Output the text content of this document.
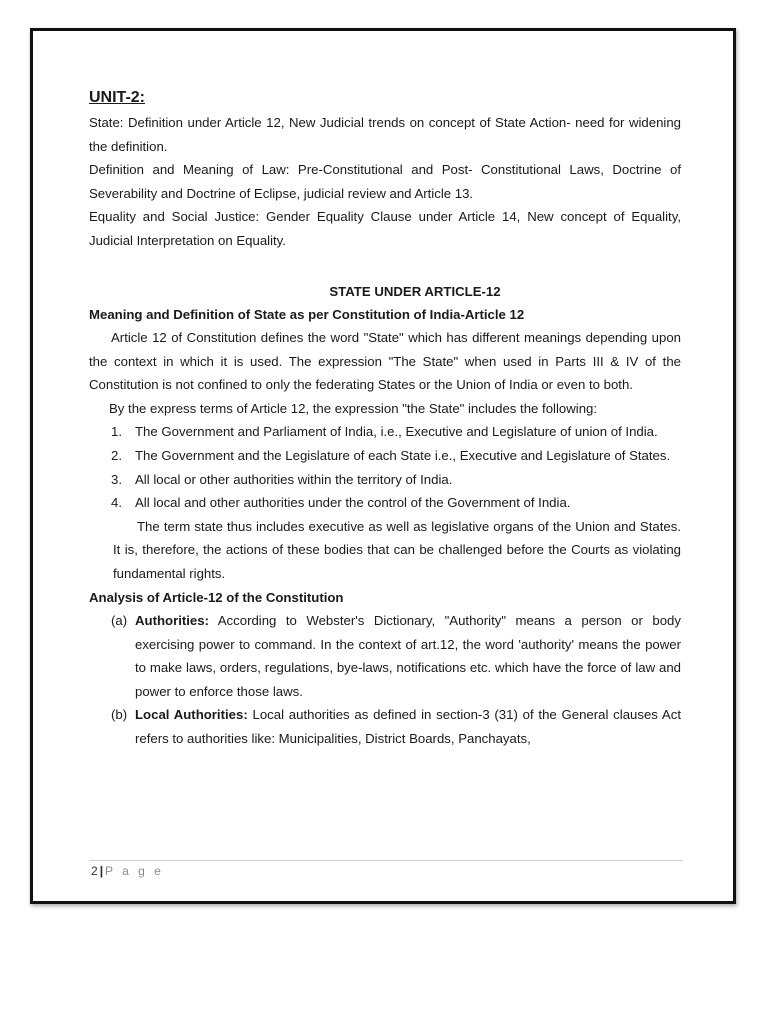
UNIT-2:

State: Definition under Article 12, New Judicial trends on concept of State Action- need for widening the definition.

Definition and Meaning of Law: Pre-Constitutional and Post- Constitutional Laws, Doctrine of Severability and Doctrine of Eclipse, judicial review and Article 13.

Equality and Social Justice: Gender Equality Clause under Article 14, New concept of Equality, Judicial Interpretation on Equality.

STATE UNDER ARTICLE-12

Meaning and Definition of State as per Constitution of India-Article 12

Article 12 of Constitution defines the word "State" which has different meanings depending upon the context in which it is used. The expression "The State" when used in Parts III & IV of the Constitution is not confined to only the federating States or the Union of India or even to both.

By the express terms of Article 12, the expression "the State" includes the following:

1. The Government and Parliament of India, i.e., Executive and Legislature of union of India.
2. The Government and the Legislature of each State i.e., Executive and Legislature of States.
3. All local or other authorities within the territory of India.
4. All local and other authorities under the control of the Government of India.

The term state thus includes executive as well as legislative organs of the Union and States. It is, therefore, the actions of these bodies that can be challenged before the Courts as violating fundamental rights.

Analysis of Article-12 of the Constitution

(a) Authorities: According to Webster's Dictionary, "Authority" means a person or body exercising power to command. In the context of art.12, the word 'authority' means the power to make laws, orders, regulations, bye-laws, notifications etc. which have the force of law and power to enforce those laws.
(b) Local Authorities: Local authorities as defined in section-3 (31) of the General clauses Act refers to authorities like: Municipalities, District Boards, Panchayats,
2 | P a g e
